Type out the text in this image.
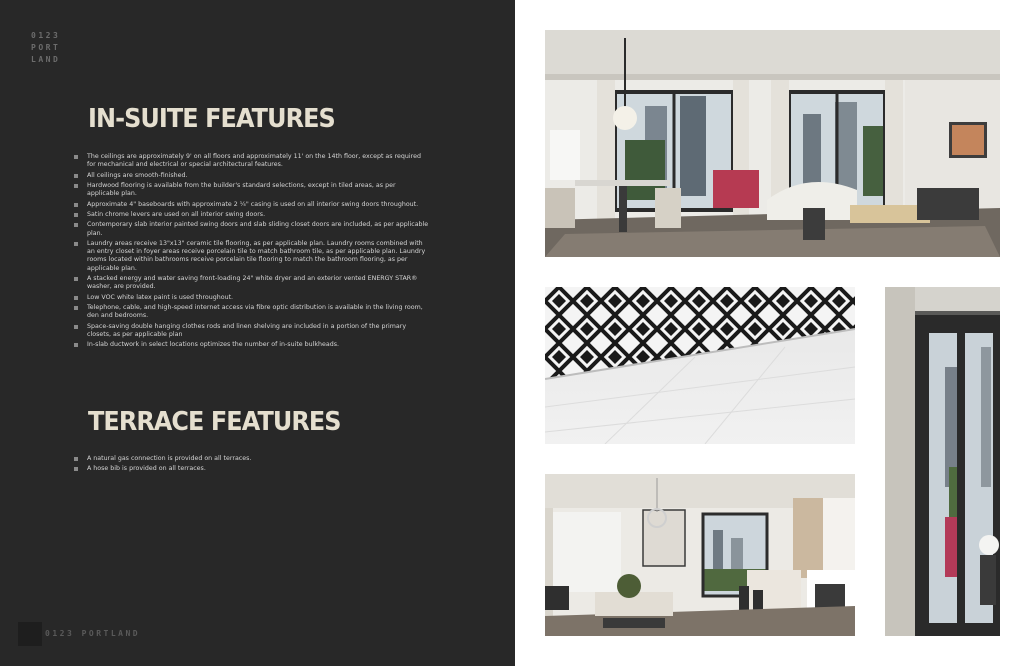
0123
PORT
LAND
IN-SUITE FEATURES
The ceilings are approximately 9' on all floors and approximately 11' on the 14th floor, except as required for mechanical and electrical or special architectural features.
All ceilings are smooth-finished.
Hardwood flooring is available from the builder's standard selections, except in tiled areas, as per applicable plan.
Approximate 4" baseboards with approximate 2 ¼" casing is used on all interior swing doors throughout.
Satin chrome levers are used on all interior swing doors.
Contemporary slab interior painted swing doors and slab sliding closet doors are included, as per applicable plan.
Laundry areas receive 13"x13" ceramic tile flooring, as per applicable plan. Laundry rooms combined with an entry closet in foyer areas receive porcelain tile to match bathroom tile, as per applicable plan. Laundry rooms located within bathrooms receive porcelain tile flooring to match the bathroom flooring, as per applicable plan.
A stacked energy and water saving front-loading 24" white dryer and an exterior vented ENERGY STAR® washer, are provided.
Low VOC white latex paint is used throughout.
Telephone, cable, and high-speed internet access via fibre optic distribution is available in the living room, den and bedrooms.
Space-saving double hanging clothes rods and linen shelving are included in a portion of the primary closets, as per applicable plan
In-slab ductwork in select locations optimizes the number of in-suite bulkheads.
TERRACE FEATURES
A natural gas connection is provided on all terraces.
A hose bib is provided on all terraces.
0123 PORTLAND
